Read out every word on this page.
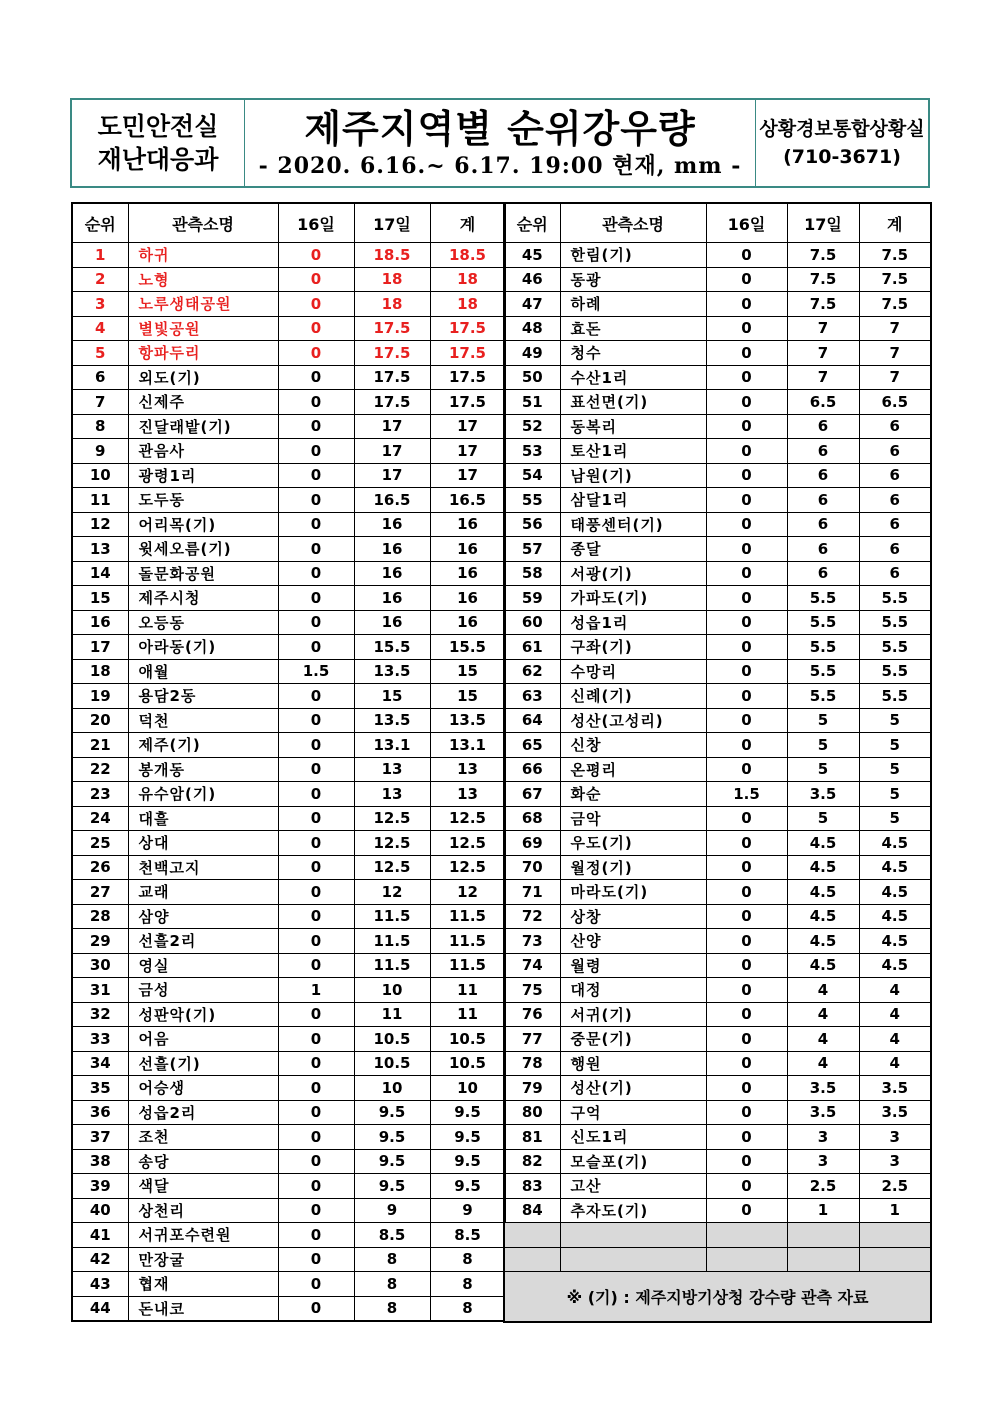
도민안전실
재난대응과
제주지역별 순위강우량
- 2020. 6.16.~ 6.17. 19:00 현재, mm -
상황경보통합상황실
(710-3671)
순위	관측소명	16일	17일	계
1	하귀	0	18.5	18.5
2	노형	0	18	18
3	노루생태공원	0	18	18
4	별빛공원	0	17.5	17.5
5	항파두리	0	17.5	17.5
6	외도(기)	0	17.5	17.5
7	신제주	0	17.5	17.5
8	진달래밭(기)	0	17	17
9	관음사	0	17	17
10	광령1리	0	17	17
11	도두동	0	16.5	16.5
12	어리목(기)	0	16	16
13	윗세오름(기)	0	16	16
14	돌문화공원	0	16	16
15	제주시청	0	16	16
16	오등동	0	16	16
17	아라동(기)	0	15.5	15.5
18	애월	1.5	13.5	15
19	용담2동	0	15	15
20	덕천	0	13.5	13.5
21	제주(기)	0	13.1	13.1
22	봉개동	0	13	13
23	유수암(기)	0	13	13
24	대흘	0	12.5	12.5
25	상대	0	12.5	12.5
26	천백고지	0	12.5	12.5
27	교래	0	12	12
28	삼양	0	11.5	11.5
29	선흘2리	0	11.5	11.5
30	영실	0	11.5	11.5
31	금성	1	10	11
32	성판악(기)	0	11	11
33	어음	0	10.5	10.5
34	선흘(기)	0	10.5	10.5
35	어승생	0	10	10
36	성읍2리	0	9.5	9.5
37	조천	0	9.5	9.5
38	송당	0	9.5	9.5
39	색달	0	9.5	9.5
40	상천리	0	9	9
41	서귀포수련원	0	8.5	8.5
42	만장굴	0	8	8
43	협재	0	8	8
44	돈내코	0	8	8
순위	관측소명	16일	17일	계
45	한림(기)	0	7.5	7.5
46	동광	0	7.5	7.5
47	하례	0	7.5	7.5
48	효돈	0	7	7
49	청수	0	7	7
50	수산1리	0	7	7
51	표선면(기)	0	6.5	6.5
52	동복리	0	6	6
53	토산1리	0	6	6
54	남원(기)	0	6	6
55	삼달1리	0	6	6
56	태풍센터(기)	0	6	6
57	종달	0	6	6
58	서광(기)	0	6	6
59	가파도(기)	0	5.5	5.5
60	성읍1리	0	5.5	5.5
61	구좌(기)	0	5.5	5.5
62	수망리	0	5.5	5.5
63	신례(기)	0	5.5	5.5
64	성산(고성리)	0	5	5
65	신창	0	5	5
66	온평리	0	5	5
67	화순	1.5	3.5	5
68	금악	0	5	5
69	우도(기)	0	4.5	4.5
70	월정(기)	0	4.5	4.5
71	마라도(기)	0	4.5	4.5
72	상창	0	4.5	4.5
73	산양	0	4.5	4.5
74	월령	0	4.5	4.5
75	대정	0	4	4
76	서귀(기)	0	4	4
77	중문(기)	0	4	4
78	행원	0	4	4
79	성산(기)	0	3.5	3.5
80	구억	0	3.5	3.5
81	신도1리	0	3	3
82	모슬포(기)	0	3	3
83	고산	0	2.5	2.5
84	추자도(기)	0	1	1

※ (기) : 제주지방기상청 강수량 관측 자료				
